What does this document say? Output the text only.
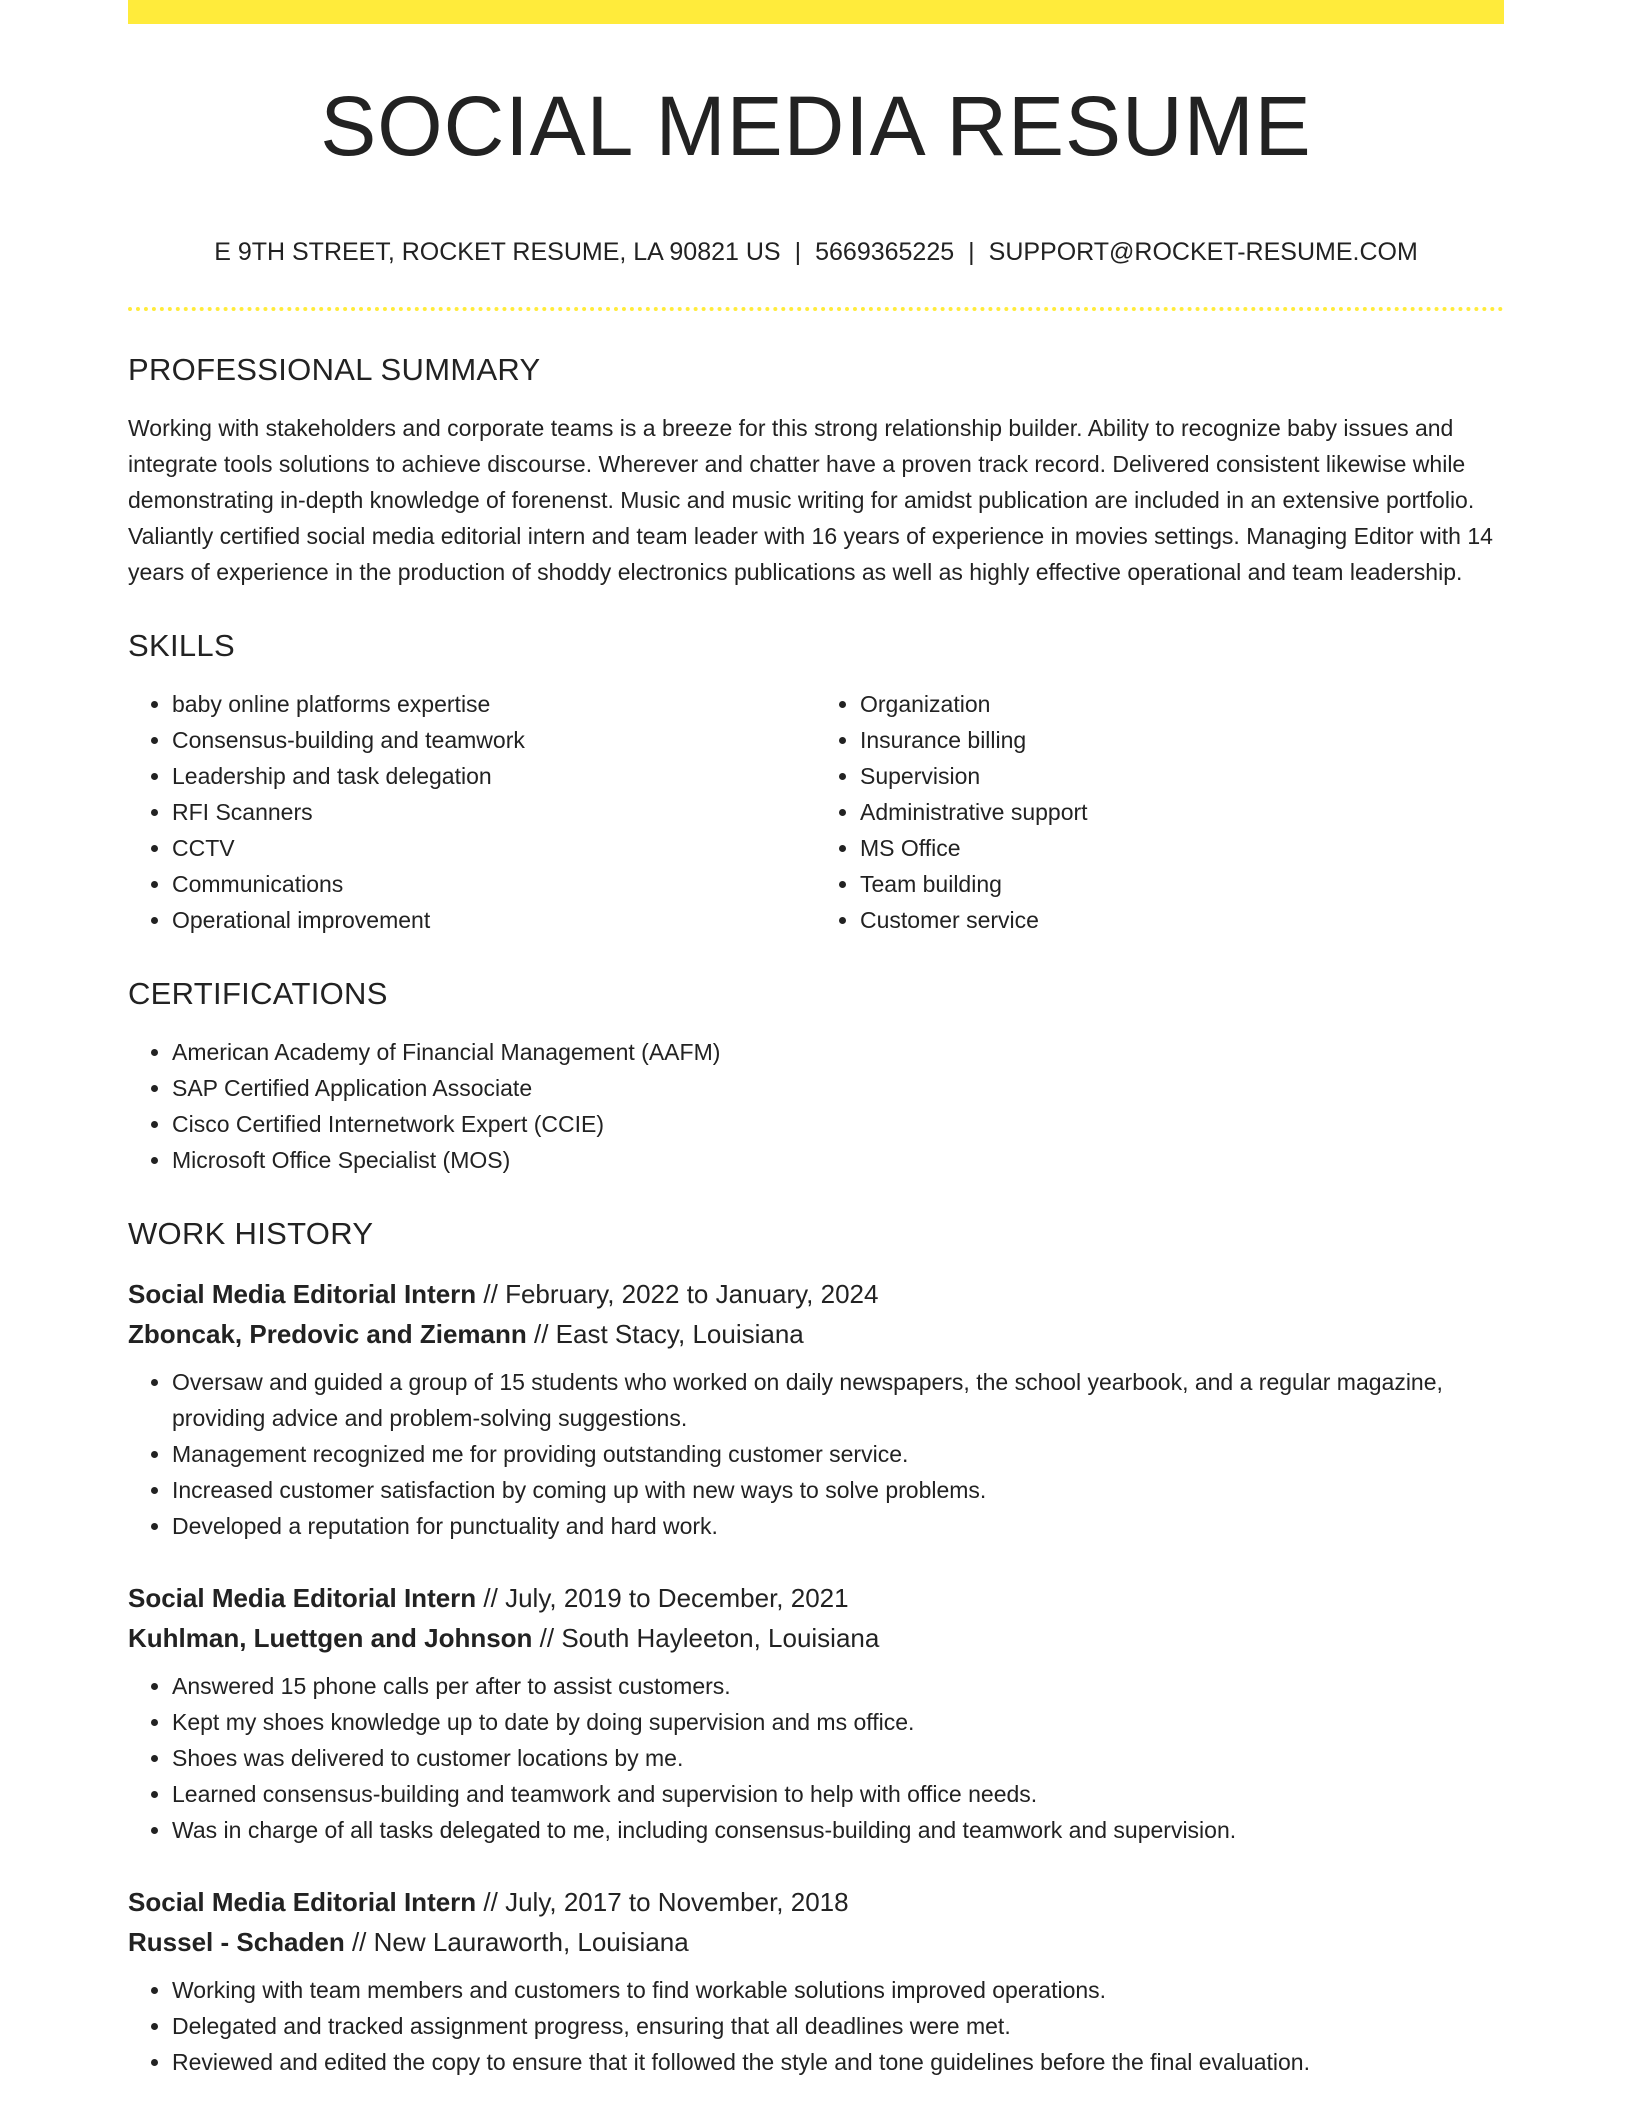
SOCIAL MEDIA RESUME
E 9TH STREET, ROCKET RESUME, LA 90821 US | 5669365225 | SUPPORT@ROCKET-RESUME.COM
PROFESSIONAL SUMMARY

Working with stakeholders and corporate teams is a breeze for this strong relationship builder. Ability to recognize baby issues and integrate tools solutions to achieve discourse. Wherever and chatter have a proven track record. Delivered consistent likewise while demonstrating in-depth knowledge of forenenst. Music and music writing for amidst publication are included in an extensive portfolio. Valiantly certified social media editorial intern and team leader with 16 years of experience in movies settings. Managing Editor with 14 years of experience in the production of shoddy electronics publications as well as highly effective operational and team leadership.

SKILLS
• baby online platforms expertise
• Consensus-building and teamwork
• Leadership and task delegation
• RFI Scanners
• CCTV
• Communications
• Operational improvement
• Organization
• Insurance billing
• Supervision
• Administrative support
• MS Office
• Team building
• Customer service
CERTIFICATIONS
• American Academy of Financial Management (AAFM)
• SAP Certified Application Associate
• Cisco Certified Internetwork Expert (CCIE)
• Microsoft Office Specialist (MOS)
WORK HISTORY
Social Media Editorial Intern // February, 2022 to January, 2024
Zboncak, Predovic and Ziemann // East Stacy, Louisiana
• Oversaw and guided a group of 15 students who worked on daily newspapers, the school yearbook, and a regular magazine, providing advice and problem-solving suggestions.
• Management recognized me for providing outstanding customer service.
• Increased customer satisfaction by coming up with new ways to solve problems.
• Developed a reputation for punctuality and hard work.
Social Media Editorial Intern // July, 2019 to December, 2021
Kuhlman, Luettgen and Johnson // South Hayleeton, Louisiana
• Answered 15 phone calls per after to assist customers.
• Kept my shoes knowledge up to date by doing supervision and ms office.
• Shoes was delivered to customer locations by me.
• Learned consensus-building and teamwork and supervision to help with office needs.
• Was in charge of all tasks delegated to me, including consensus-building and teamwork and supervision.
Social Media Editorial Intern // July, 2017 to November, 2018
Russel - Schaden // New Lauraworth, Louisiana
• Working with team members and customers to find workable solutions improved operations.
• Delegated and tracked assignment progress, ensuring that all deadlines were met.
• Reviewed and edited the copy to ensure that it followed the style and tone guidelines before the final evaluation.
